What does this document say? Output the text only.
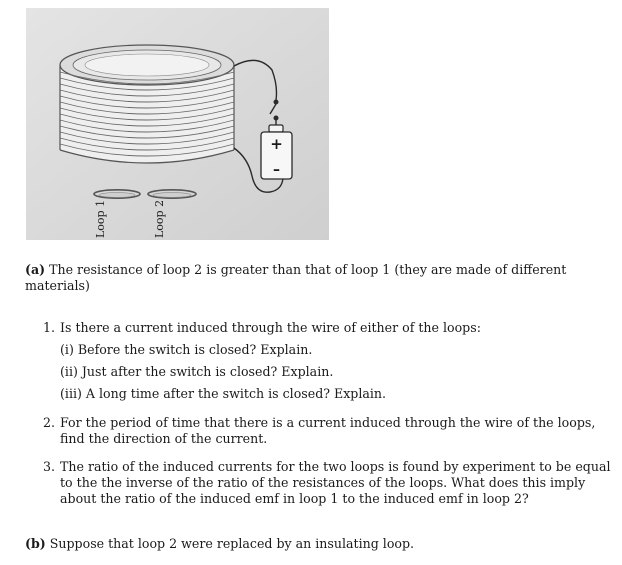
+
–
Loop 1	Loop 2
(a) The resistance of loop 2 is greater than that of loop 1 (they are made of different
materials)
1. Is there a current induced through the wire of either of the loops:
(i) Before the switch is closed? Explain.
(ii) Just after the switch is closed? Explain.
(iii) A long time after the switch is closed? Explain.
2. For the period of time that there is a current induced through the wire of the loops,
find the direction of the current.
3. The ratio of the induced currents for the two loops is found by experiment to be equal
to the the inverse of the ratio of the resistances of the loops. What does this imply
about the ratio of the induced emf in loop 1 to the induced emf in loop 2?
(b) Suppose that loop 2 were replaced by an insulating loop.
